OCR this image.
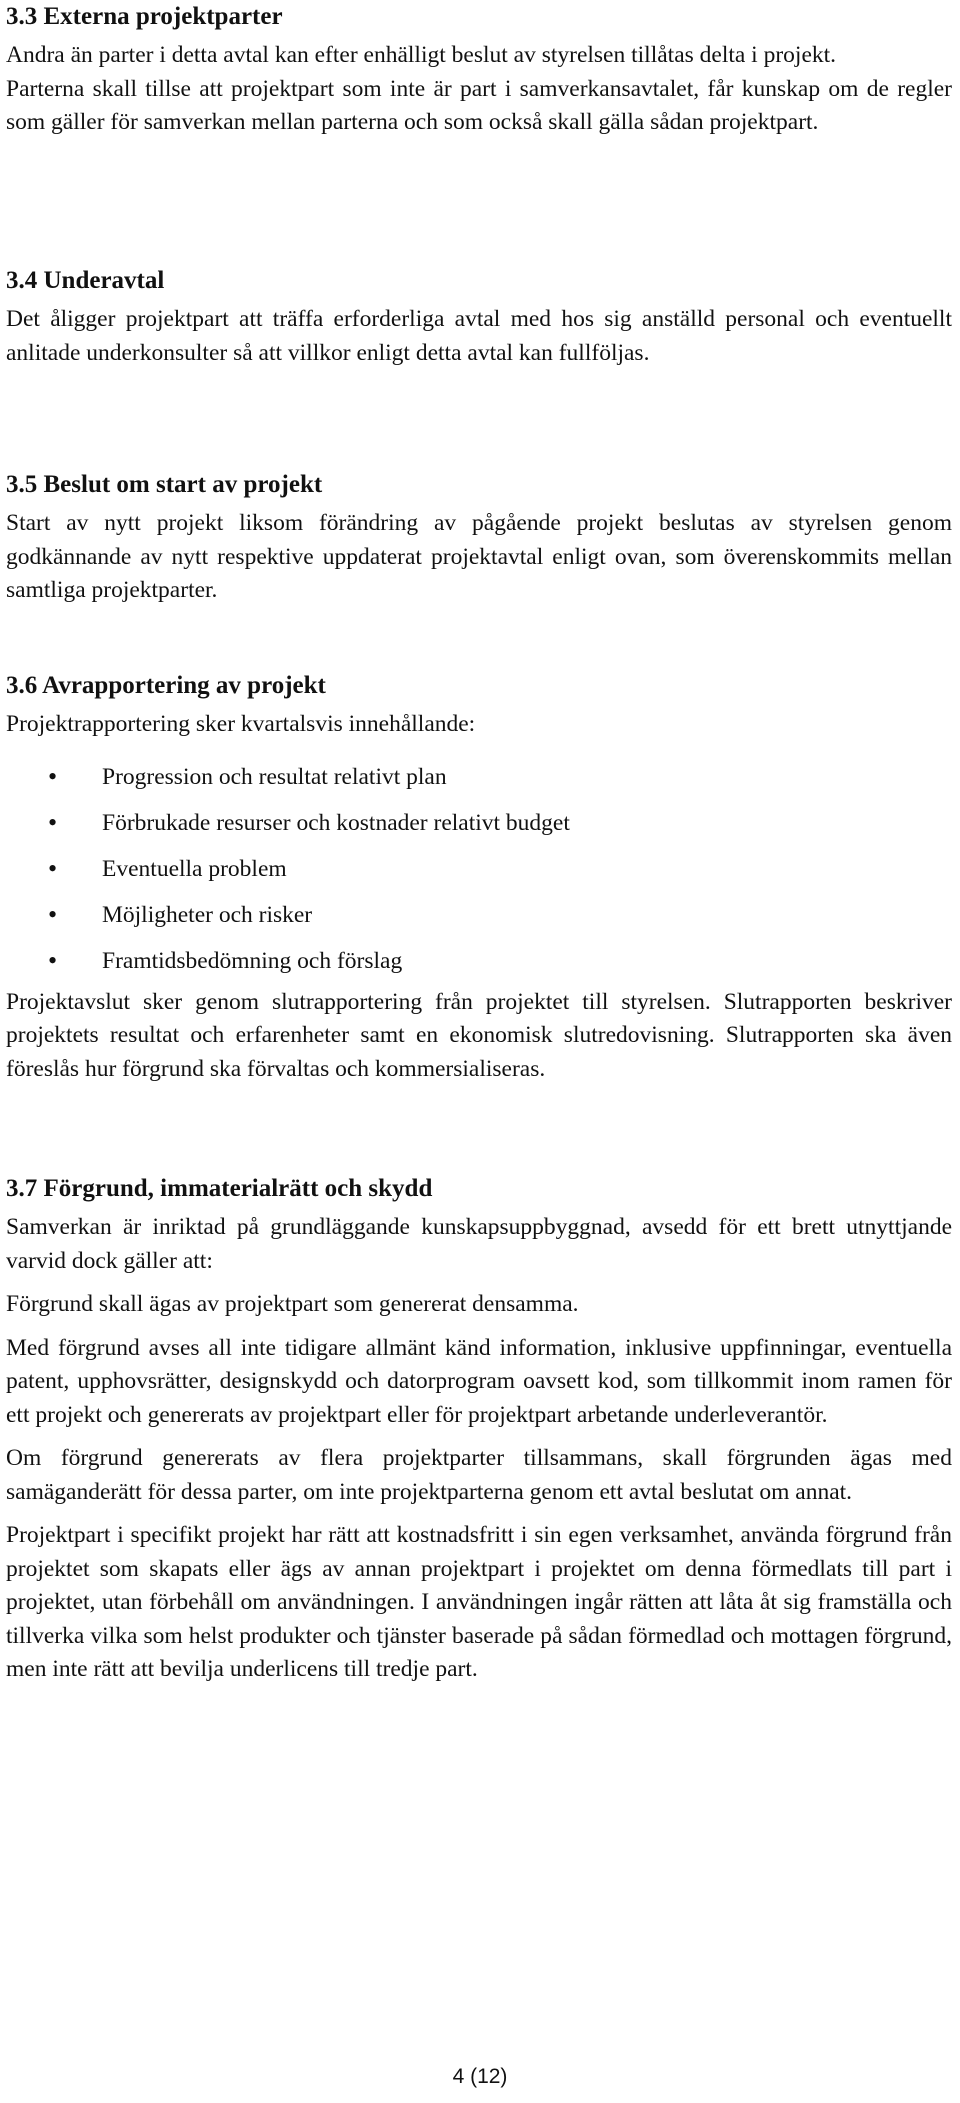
3.3 Externa projektparter

Andra än parter i detta avtal kan efter enhälligt beslut av styrelsen tillåtas delta i projekt.

Parterna skall tillse att projektpart som inte är part i samverkansavtalet, får kunskap om de regler som gäller för samverkan mellan parterna och som också skall gälla sådan projektpart.

3.4 Underavtal

Det åligger projektpart att träffa erforderliga avtal med hos sig anställd personal och eventuellt anlitade underkonsulter så att villkor enligt detta avtal kan fullföljas.

3.5 Beslut om start av projekt

Start av nytt projekt liksom förändring av pågående projekt beslutas av styrelsen genom godkännande av nytt respektive uppdaterat projektavtal enligt ovan, som överenskommits mellan samtliga projektparter.

3.6 Avrapportering av projekt

Projektrapportering sker kvartalsvis innehållande:

• Progression och resultat relativt plan
• Förbrukade resurser och kostnader relativt budget
• Eventuella problem
• Möjligheter och risker
• Framtidsbedömning och förslag

Projektavslut sker genom slutrapportering från projektet till styrelsen. Slutrapporten beskriver projektets resultat och erfarenheter samt en ekonomisk slutredovisning. Slutrapporten ska även föreslås hur förgrund ska förvaltas och kommersialiseras.

3.7 Förgrund, immaterialrätt och skydd

Samverkan är inriktad på grundläggande kunskapsuppbyggnad, avsedd för ett brett utnyttjande varvid dock gäller att:

Förgrund skall ägas av projektpart som genererat densamma.

Med förgrund avses all inte tidigare allmänt känd information, inklusive uppfinningar, eventuella patent, upphovsrätter, designskydd och datorprogram oavsett kod, som tillkommit inom ramen för ett projekt och genererats av projektpart eller för projektpart arbetande underleverantör.

Om förgrund genererats av flera projektparter tillsammans, skall förgrunden ägas med samäganderätt för dessa parter, om inte projektparterna genom ett avtal beslutat om annat.

Projektpart i specifikt projekt har rätt att kostnadsfritt i sin egen verksamhet, använda förgrund från projektet som skapats eller ägs av annan projektpart i projektet om denna förmedlats till part i projektet, utan förbehåll om användningen. I användningen ingår rätten att låta åt sig framställa och tillverka vilka som helst produkter och tjänster baserade på sådan förmedlad och mottagen förgrund, men inte rätt att bevilja underlicens till tredje part.

4 (12)
